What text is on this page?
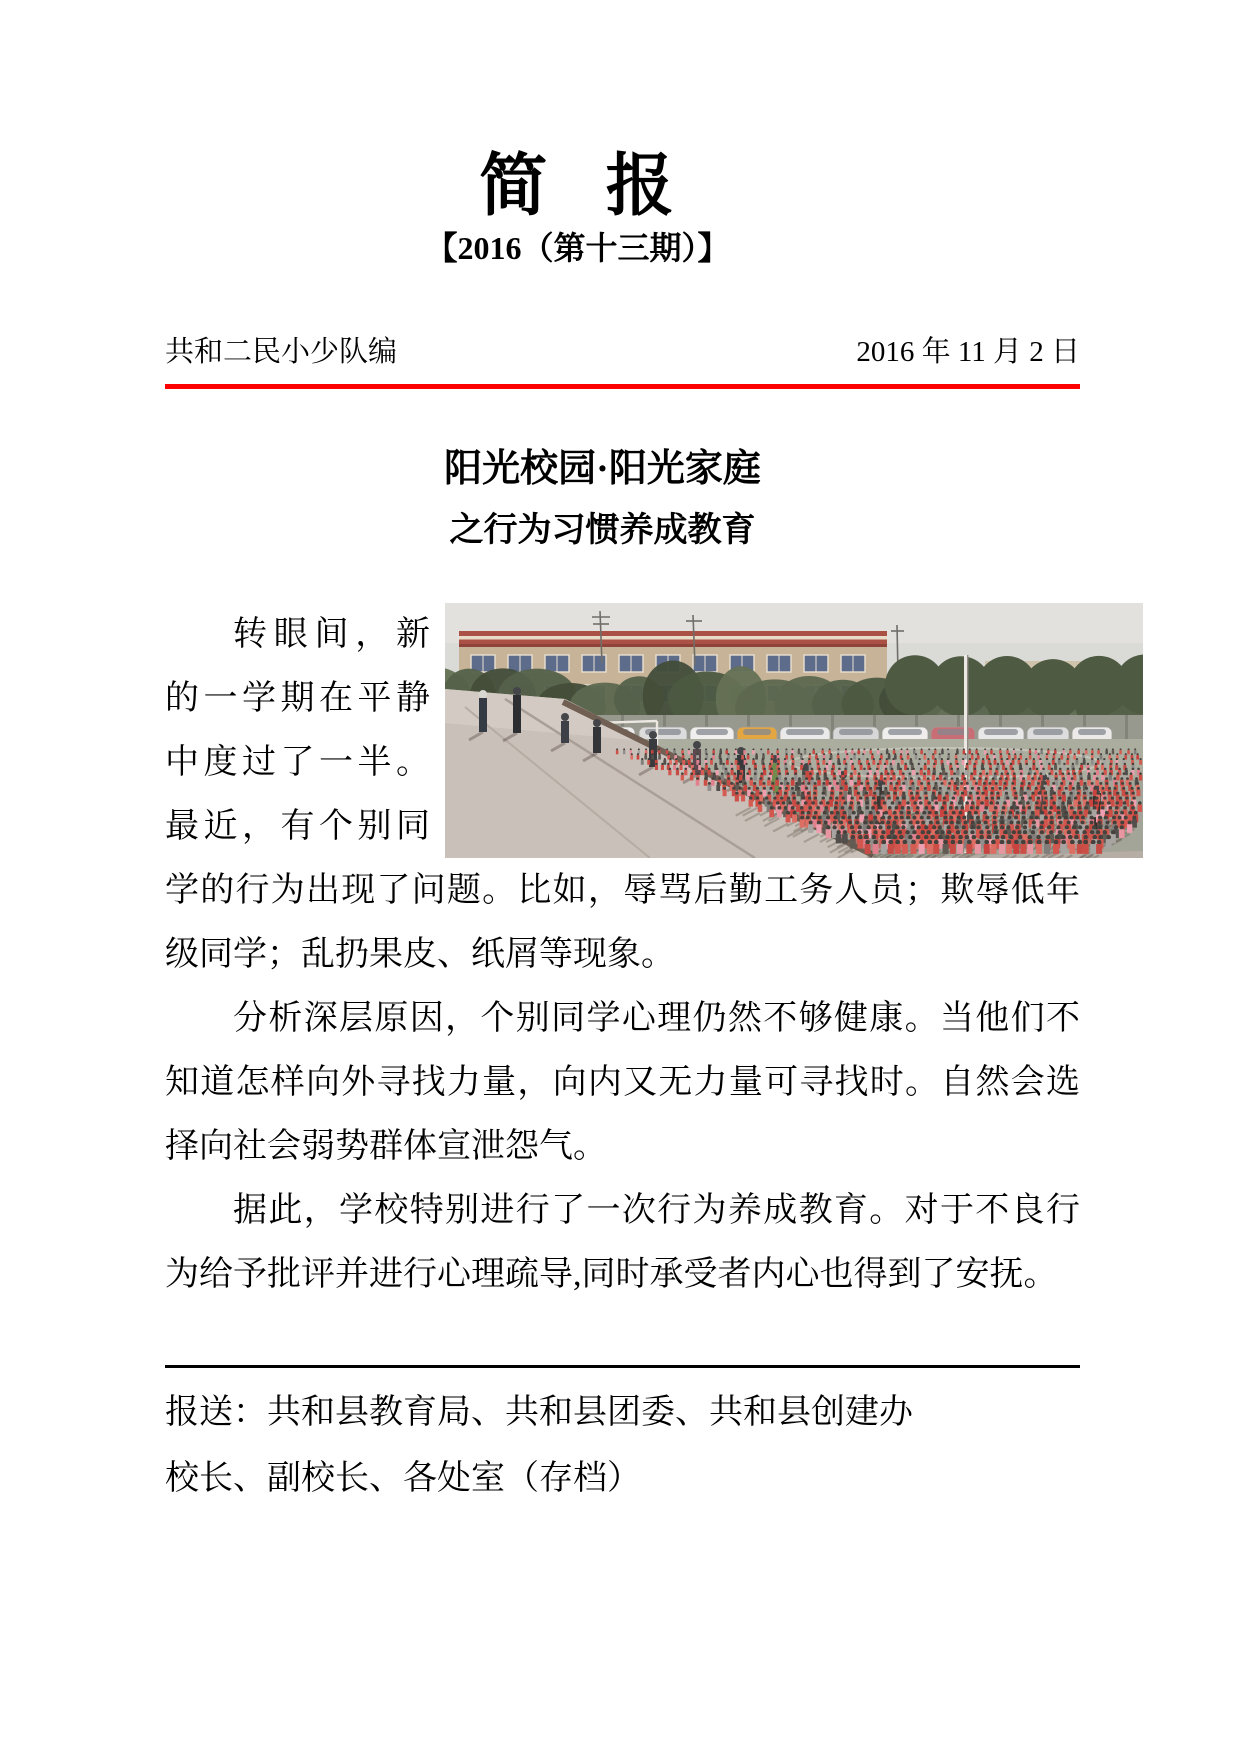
简 报
【2016（第十三期）】
共和二民小少队编	2016 年 11 月 2 日
阳光校园·阳光家庭
之行为习惯养成教育

转眼间，新的一学期在平静中度过了一半。最近，有个别同学的行为出现了问题。比如，辱骂后勤工务人员；欺辱低年级同学；乱扔果皮、纸屑等现象。

分析深层原因，个别同学心理仍然不够健康。当他们不知道怎样向外寻找力量，向内又无力量可寻找时。自然会选择向社会弱势群体宣泄怨气。

据此，学校特别进行了一次行为养成教育。对于不良行为给予批评并进行心理疏导,同时承受者内心也得到了安抚。

报送：共和县教育局、共和县团委、共和县创建办
校长、副校长、各处室（存档）
